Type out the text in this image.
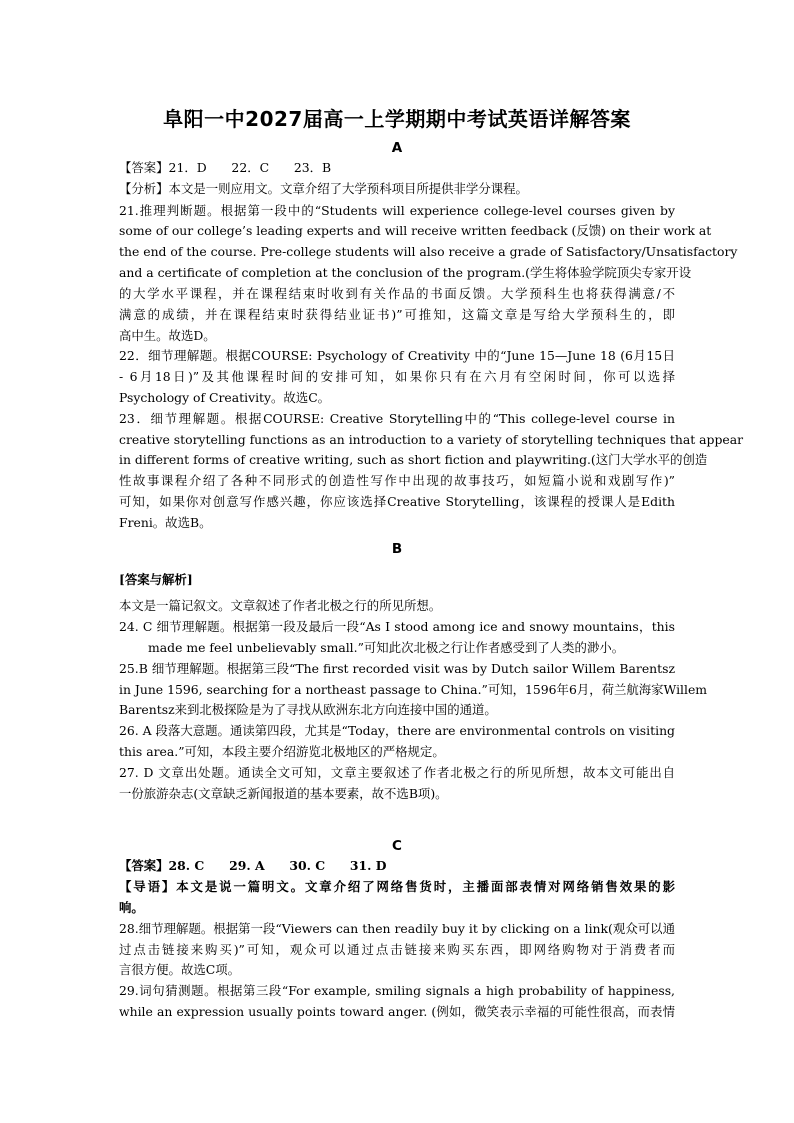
阜阳一中2027届高一上学期期中考试英语详解答案
A
【答案】21．D　　22．C　　23．B
【分析】本文是一则应用文。文章介绍了大学预科项目所提供非学分课程。
21.推理判断题。根据第一段中的“Students will experience college-level courses given by
some of our college’s leading experts and will receive written feedback (反馈) on their work at
the end of the course. Pre-college students will also receive a grade of Satisfactory/Unsatisfactory
and a certificate of completion at the conclusion of the program.(学生将体验学院顶尖专家开设
的大学水平课程，并在课程结束时收到有关作品的书面反馈。大学预科生也将获得满意/不
满意的成绩，并在课程结束时获得结业证书)”可推知，这篇文章是写给大学预科生的，即
高中生。故选D。
22．细节理解题。根据COURSE: Psychology of Creativity 中的“June 15—June 18 (6月15日
- 6月18日)”及其他课程时间的安排可知，如果你只有在六月有空闲时间，你可以选择
Psychology of Creativity。故选C。
23．细节理解题。根据COURSE: Creative Storytelling中的“This college-level course in
creative storytelling functions as an introduction to a variety of storytelling techniques that appear
in different forms of creative writing, such as short fiction and playwriting.(这门大学水平的创造
性故事课程介绍了各种不同形式的创造性写作中出现的故事技巧，如短篇小说和戏剧写作)”
可知，如果你对创意写作感兴趣，你应该选择Creative Storytelling，该课程的授课人是Edith
Freni。故选B。
B
[答案与解析]
本文是一篇记叙文。文章叙述了作者北极之行的所见所想。
24. C 细节理解题。根据第一段及最后一段“As I stood among ice and snowy mountains，this
made me feel unbelievably small.”可知此次北极之行让作者感受到了人类的渺小。
25.B 细节理解题。根据第三段“The first recorded visit was by Dutch sailor Willem Barentsz
in June 1596, searching for a northeast passage to China.”可知，1596年6月，荷兰航海家Willem
Barentsz来到北极探险是为了寻找从欧洲东北方向连接中国的通道。
26. A 段落大意题。通读第四段，尤其是“Today，there are environmental controls on visiting
this area.”可知，本段主要介绍游览北极地区的严格规定。
27. D 文章出处题。通读全文可知，文章主要叙述了作者北极之行的所见所想，故本文可能出自
一份旅游杂志(文章缺乏新闻报道的基本要素，故不选B项)。
C
【答案】28. C　　29. A　　30. C　　31. D
【导语】本文是说一篇明文。文章介绍了网络售货时，主播面部表情对网络销售效果的影
响。
28.细节理解题。根据第一段“Viewers can then readily buy it by clicking on a link(观众可以通
过点击链接来购买)”可知，观众可以通过点击链接来购买东西，即网络购物对于消费者而
言很方便。故选C项。
29.词句猜测题。根据第三段“For example, smiling signals a high probability of happiness,
while an expression usually points toward anger. (例如，微笑表示幸福的可能性很高，而表情
